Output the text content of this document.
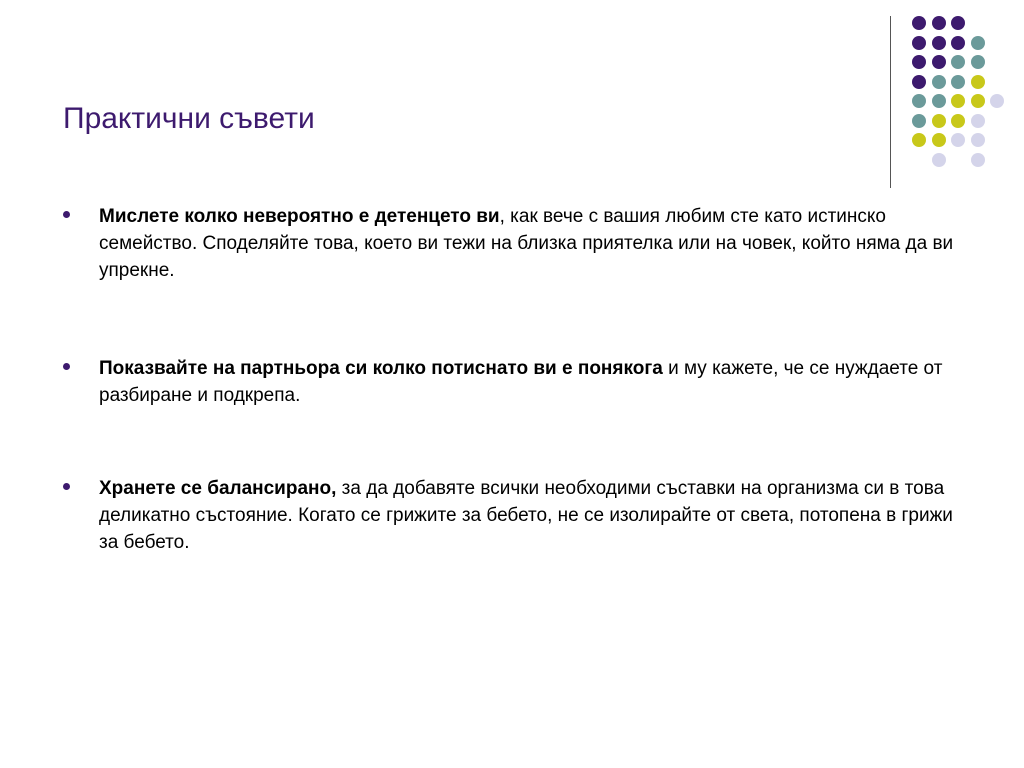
Практични съвети
Мислете колко невероятно е детенцето ви, как вече с вашия любим сте като истинско семейство. Споделяйте това, което ви тежи на близка приятелка или на човек, който няма да ви упрекне.
Показвайте на партньора си колко потиснато ви е понякога и му кажете, че се нуждаете от разбиране и подкрепа.
Хранете се балансирано, за да добавяте всички необходими съставки на организма си в това деликатно състояние. Когато се грижите за бебето, не се изолирайте от света, потопена в грижи за бебето.
